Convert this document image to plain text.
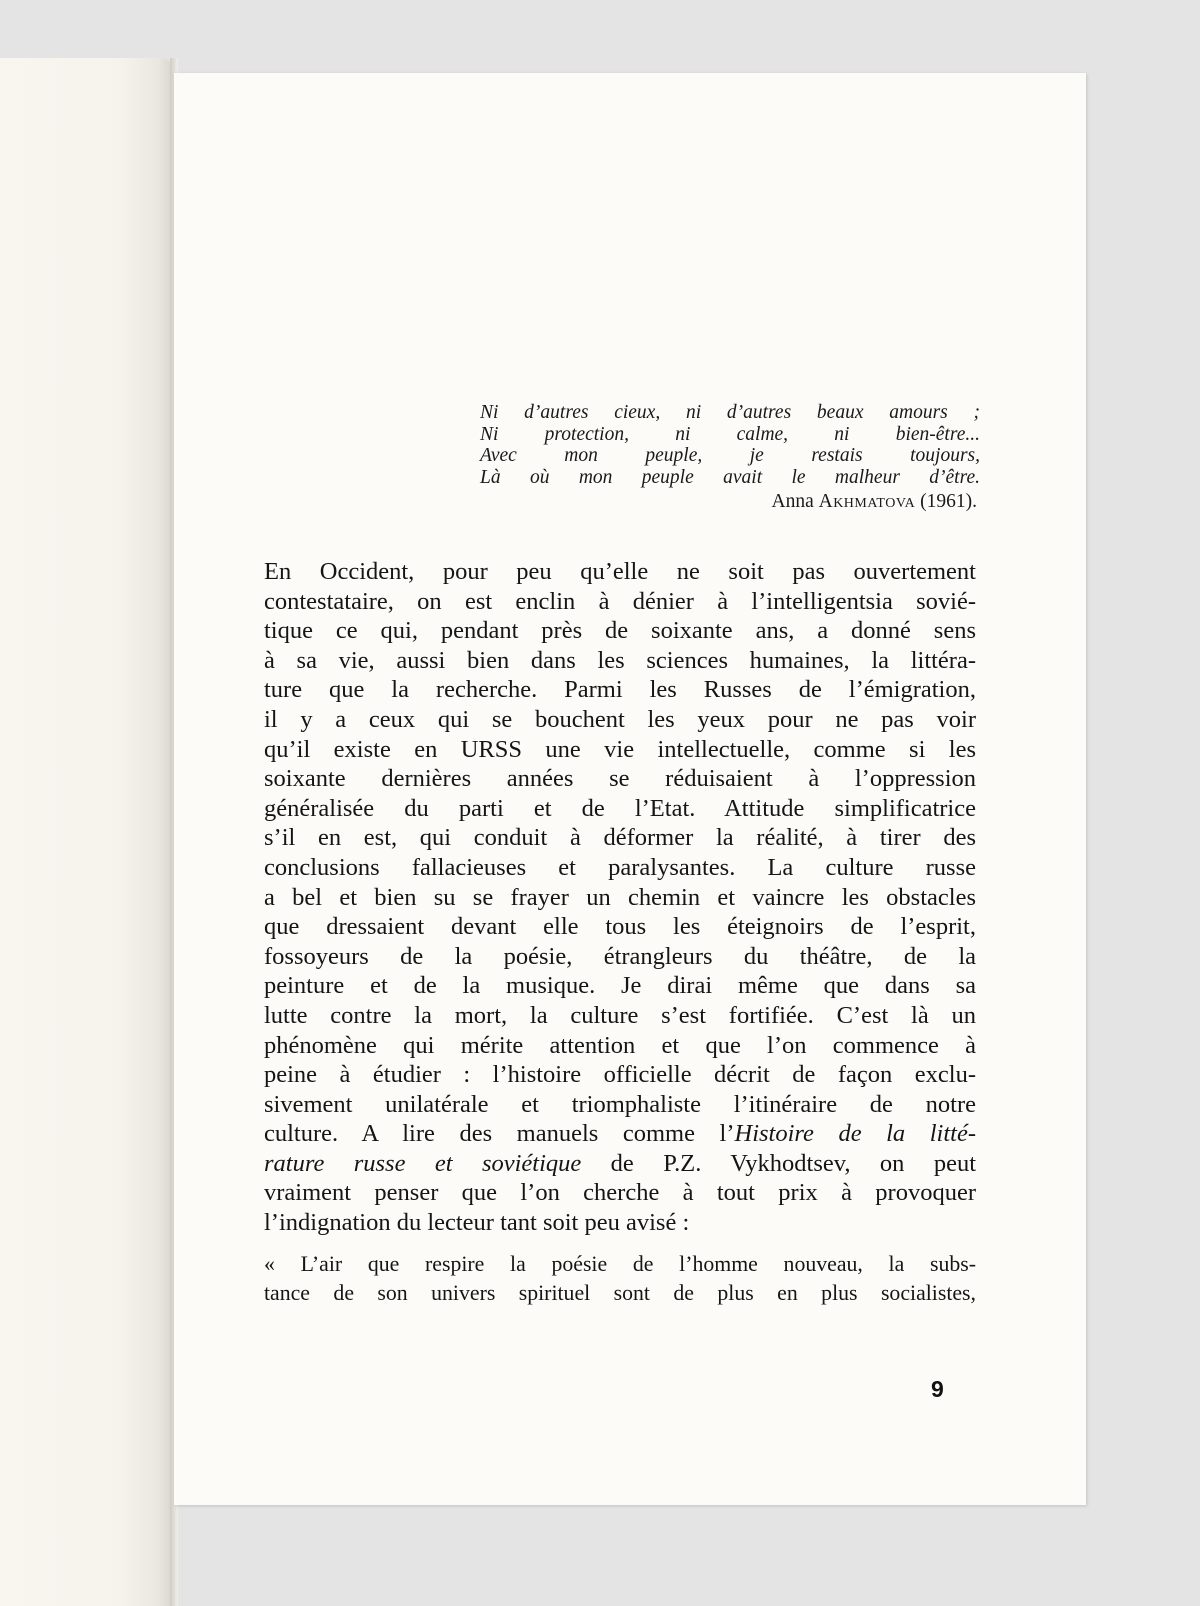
Ni d’autres cieux, ni d’autres beaux amours ;
Ni protection, ni calme, ni bien-être...
Avec mon peuple, je restais toujours,
Là où mon peuple avait le malheur d’être.
Anna Akhmatova (1961).
En Occident, pour peu qu’elle ne soit pas ouvertement
contestataire, on est enclin à dénier à l’intelligentsia sovié-
tique ce qui, pendant près de soixante ans, a donné sens
à sa vie, aussi bien dans les sciences humaines, la littéra-
ture que la recherche. Parmi les Russes de l’émigration,
il y a ceux qui se bouchent les yeux pour ne pas voir
qu’il existe en URSS une vie intellectuelle, comme si les
soixante dernières années se réduisaient à l’oppression
généralisée du parti et de l’Etat. Attitude simplificatrice
s’il en est, qui conduit à déformer la réalité, à tirer des
conclusions fallacieuses et paralysantes. La culture russe
a bel et bien su se frayer un chemin et vaincre les obstacles
que dressaient devant elle tous les éteignoirs de l’esprit,
fossoyeurs de la poésie, étrangleurs du théâtre, de la
peinture et de la musique. Je dirai même que dans sa
lutte contre la mort, la culture s’est fortifiée. C’est là un
phénomène qui mérite attention et que l’on commence à
peine à étudier : l’histoire officielle décrit de façon exclu-
sivement unilatérale et triomphaliste l’itinéraire de notre
culture. A lire des manuels comme l’Histoire de la litté-
rature russe et soviétique de P.Z. Vykhodtsev, on peut
vraiment penser que l’on cherche à tout prix à provoquer
l’indignation du lecteur tant soit peu avisé :
« L’air que respire la poésie de l’homme nouveau, la subs-
tance de son univers spirituel sont de plus en plus socialistes,
9
